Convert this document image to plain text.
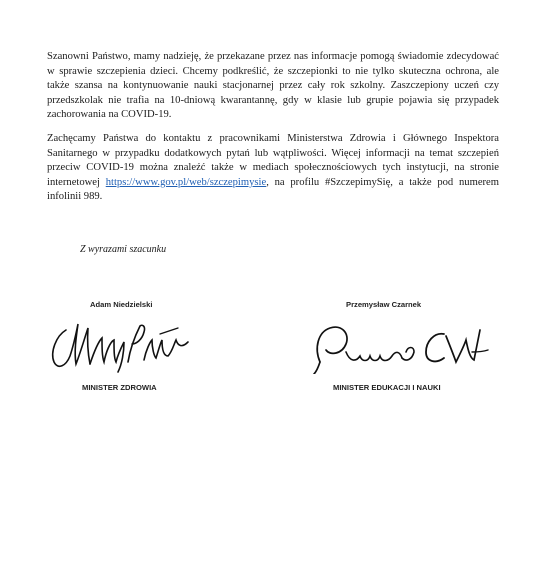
Szanowni Państwo, mamy nadzieję, że przekazane przez nas informacje pomogą świadomie zdecydować w sprawie szczepienia dzieci. Chcemy podkreślić, że szczepionki to nie tylko skuteczna ochrona, ale także szansa na kontynuowanie nauki stacjonarnej przez cały rok szkolny. Zaszczepiony uczeń czy przedszkolak nie trafia na 10-dniową kwarantannę, gdy w klasie lub grupie pojawia się przypadek zachorowania na COVID-19.

Zachęcamy Państwa do kontaktu z pracownikami Ministerstwa Zdrowia i Głównego Inspektora Sanitarnego w przypadku dodatkowych pytań lub wątpliwości. Więcej informacji na temat szczepień przeciw COVID-19 można znaleźć także w mediach społecznościowych tych instytucji, na stronie internetowej https://www.gov.pl/web/szczepimysie, na profilu #SzczepimySię, a także pod numerem infolinii 989.

Z wyrazami szacunku
Adam Niedzielski
MINISTER ZDROWIA
Przemysław Czarnek
MINISTER EDUKACJI I NAUKI
